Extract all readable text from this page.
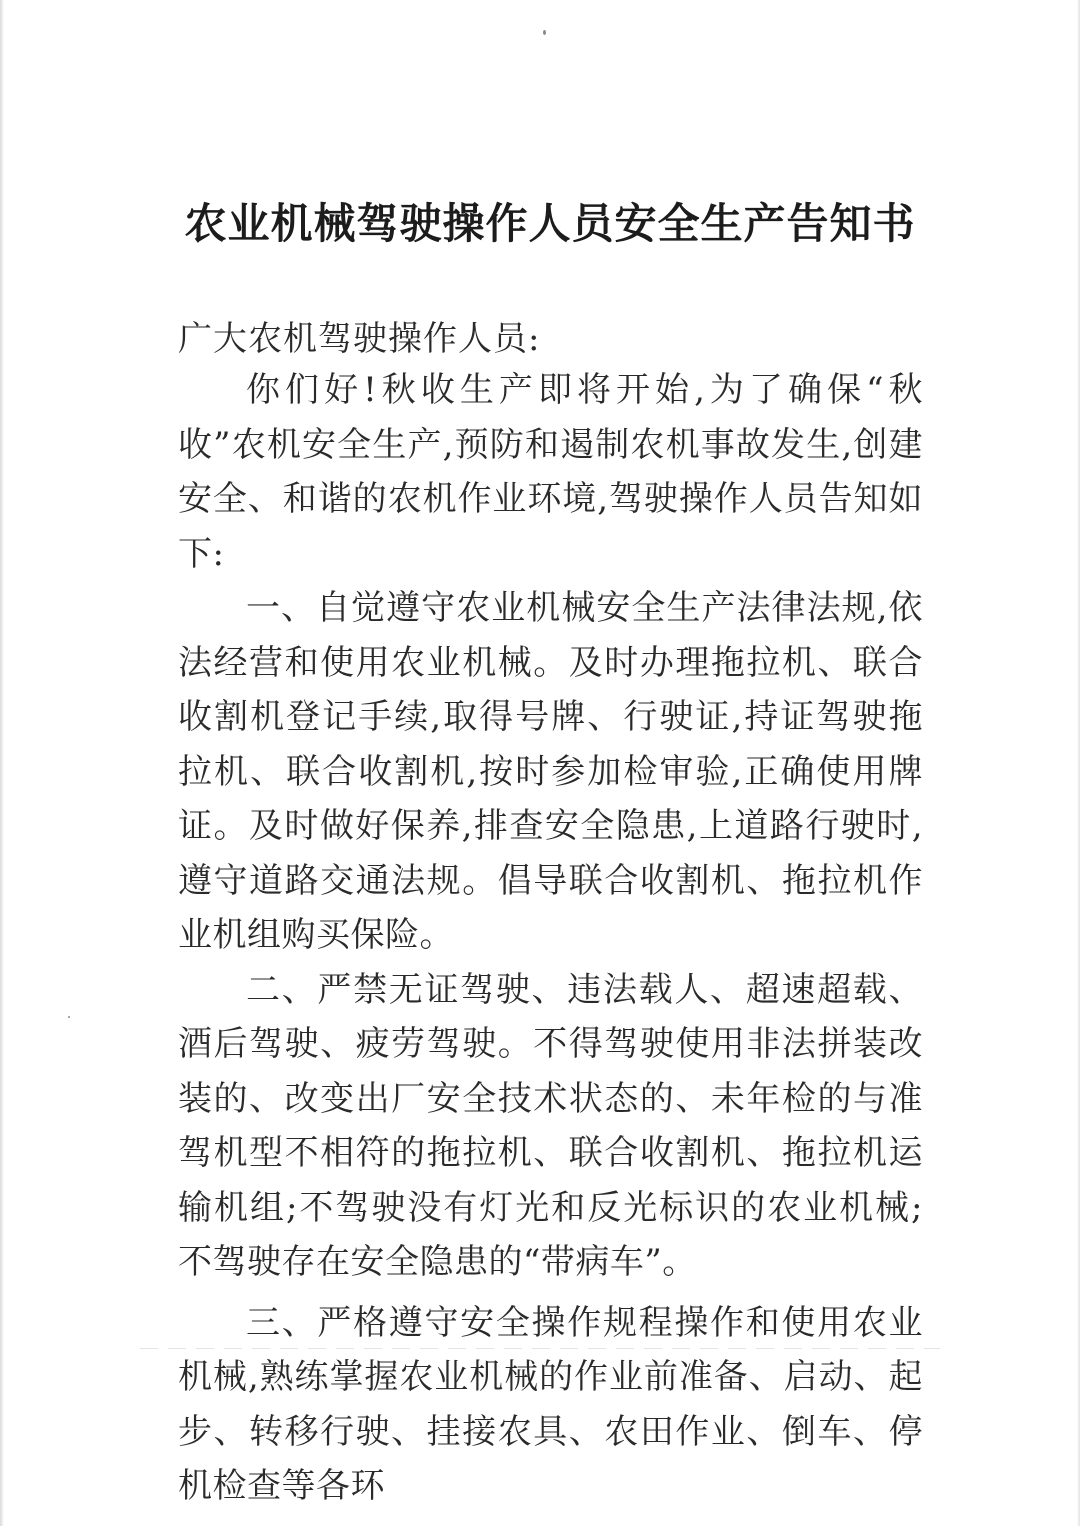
农业机械驾驶操作人员安全生产告知书

广大农机驾驶操作人员:

你们好!秋收生产即将开始,为了确保“秋收”农机安全生产,预防和遏制农机事故发生,创建安全、和谐的农机作业环境,驾驶操作人员告知如下:

一、自觉遵守农业机械安全生产法律法规,依法经营和使用农业机械。及时办理拖拉机、联合收割机登记手续,取得号牌、行驶证,持证驾驶拖拉机、联合收割机,按时参加检审验,正确使用牌证。及时做好保养,排查安全隐患,上道路行驶时,遵守道路交通法规。倡导联合收割机、拖拉机作业机组购买保险。

二、严禁无证驾驶、违法载人、超速超载、酒后驾驶、疲劳驾驶。不得驾驶使用非法拼装改装的、改变出厂安全技术状态的、未年检的与准驾机型不相符的拖拉机、联合收割机、拖拉机运输机组;不驾驶没有灯光和反光标识的农业机械;不驾驶存在安全隐患的“带病车”。

三、严格遵守安全操作规程操作和使用农业机械,熟练掌握农业机械的作业前准备、启动、起步、转移行驶、挂接农具、农田作业、倒车、停机检查等各环
